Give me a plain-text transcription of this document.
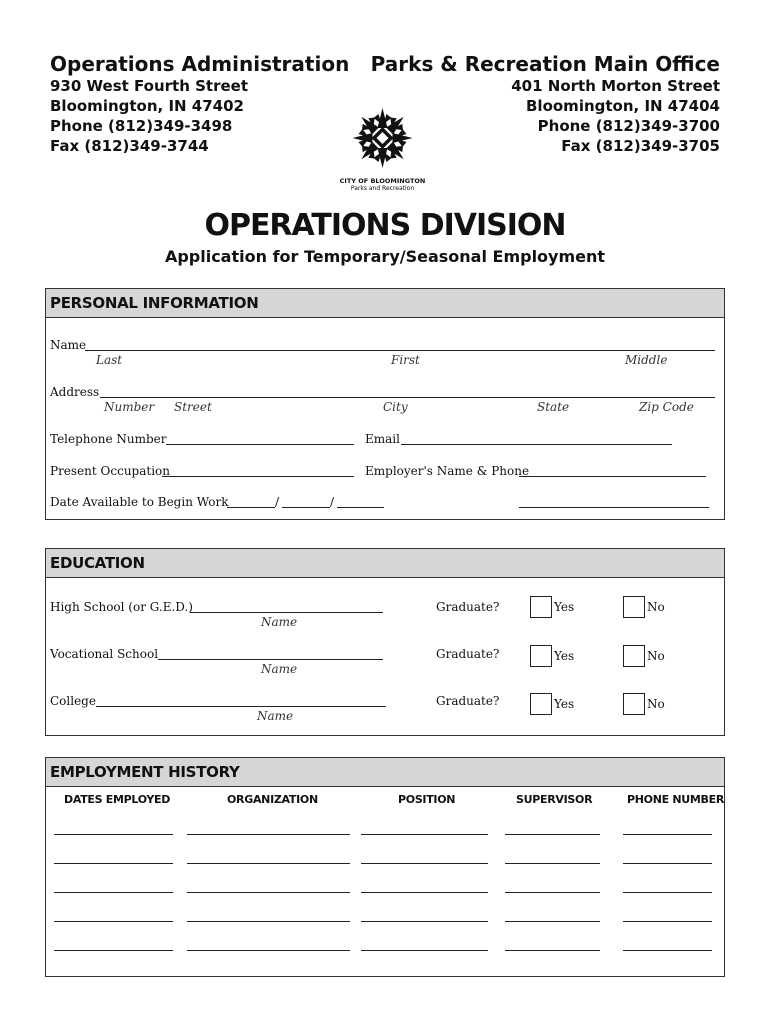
Operations Administration
930 West Fourth Street
Bloomington, IN 47402
Phone (812)349-3498
Fax (812)349-3744
Parks & Recreation Main Office
401 North Morton Street
Bloomington, IN 47404
Phone (812)349-3700
Fax (812)349-3705
CITY OF BLOOMINGTON
Parks and Recreation
OPERATIONS DIVISION
Application for Temporary/Seasonal Employment
PERSONAL INFORMATION
Name
Last	First	Middle
Address
Number Street	City	State	Zip Code
Telephone Number	Email
Present Occupation	Employer's Name & Phone
Date Available to Begin Work	/	/
EDUCATION
High School (or G.E.D.)
Name
Graduate?	Yes	No
Vocational School
Name
Graduate?	Yes	No
College
Name
Graduate?	Yes	No
EMPLOYMENT HISTORY
DATES EMPLOYED	ORGANIZATION	POSITION	SUPERVISOR	PHONE NUMBER
